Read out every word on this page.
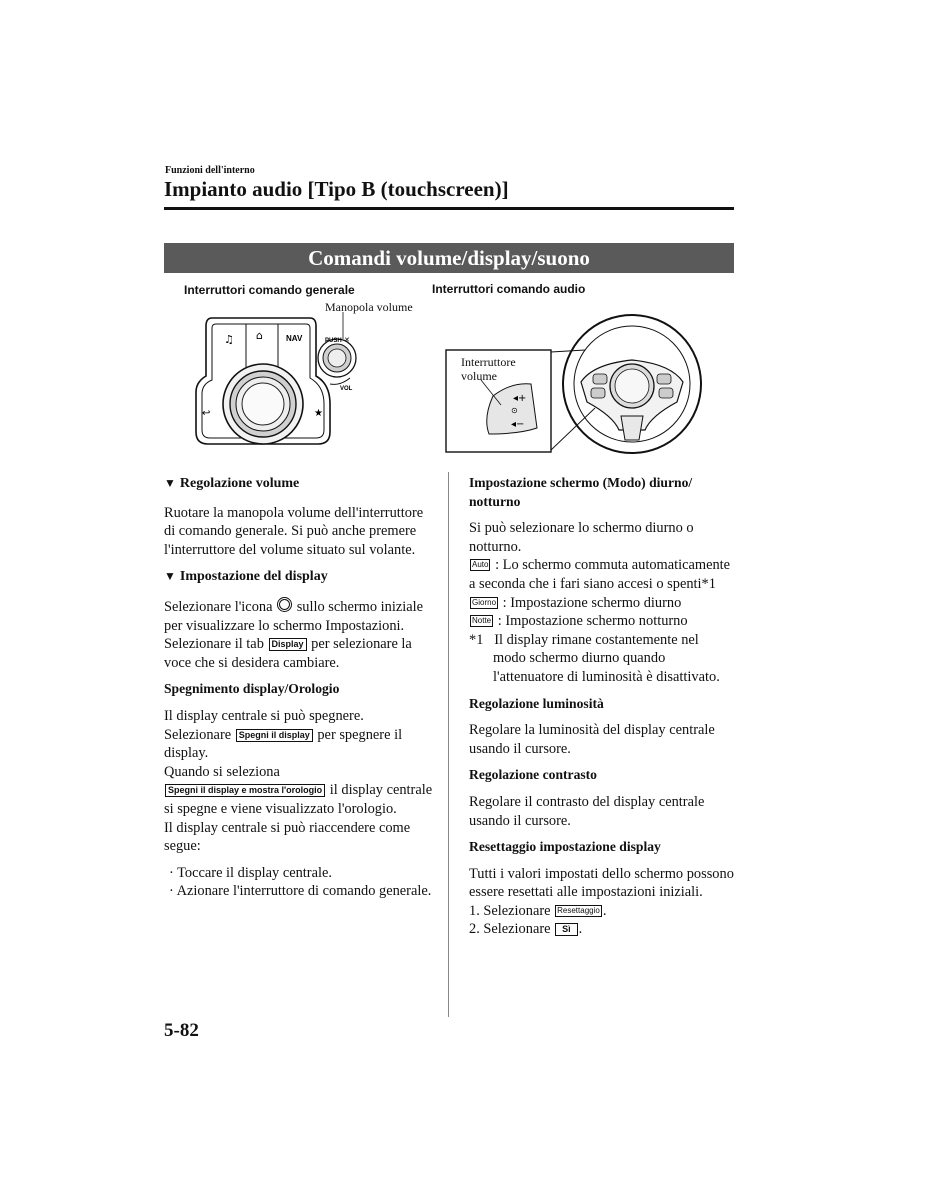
Funzioni dell'interno
Impianto audio [Tipo B (touchscreen)]
Comandi volume/display/suono
Interruttori comando generale	Interruttori comando audio
Manopola volume
♫ ⌂	NAV
↩	★
PUSH ✕
VOL
◂+
⊙
◂−
Interruttore
volume
▼ Regolazione volume

Ruotare la manopola volume dell'interruttore di comando generale. Si può anche premere l'interruttore del volume situato sul volante.

▼ Impostazione del display

Selezionare l'icona sullo schermo iniziale per visualizzare lo schermo Impostazioni.

Selezionare il tab Display per selezionare la voce che si desidera cambiare.

Spegnimento display/Orologio

Il display centrale si può spegnere.

Selezionare Spegni il display per spegnere il display.

Quando si seleziona

Spegni il display e mostra l'orologio il display centrale si spegne e viene visualizzato l'orologio.

Il display centrale si può riaccendere come segue:

· Toccare il display centrale.

· Azionare l'interruttore di comando generale.

Impostazione schermo (Modo) diurno/ notturno

Si può selezionare lo schermo diurno o notturno.

Auto : Lo schermo commuta automaticamente a seconda che i fari siano accesi o spenti*1

Giorno : Impostazione schermo diurno

Notte : Impostazione schermo notturno

*1 Il display rimane costantemente nel modo schermo diurno quando l'attenuatore di luminosità è disattivato.

Regolazione luminosità

Regolare la luminosità del display centrale usando il cursore.

Regolazione contrasto

Regolare il contrasto del display centrale usando il cursore.

Resettaggio impostazione display

Tutti i valori impostati dello schermo possono essere resettati alle impostazioni iniziali.

1. Selezionare Resettaggio .

2. Selezionare Sì .

5-82
